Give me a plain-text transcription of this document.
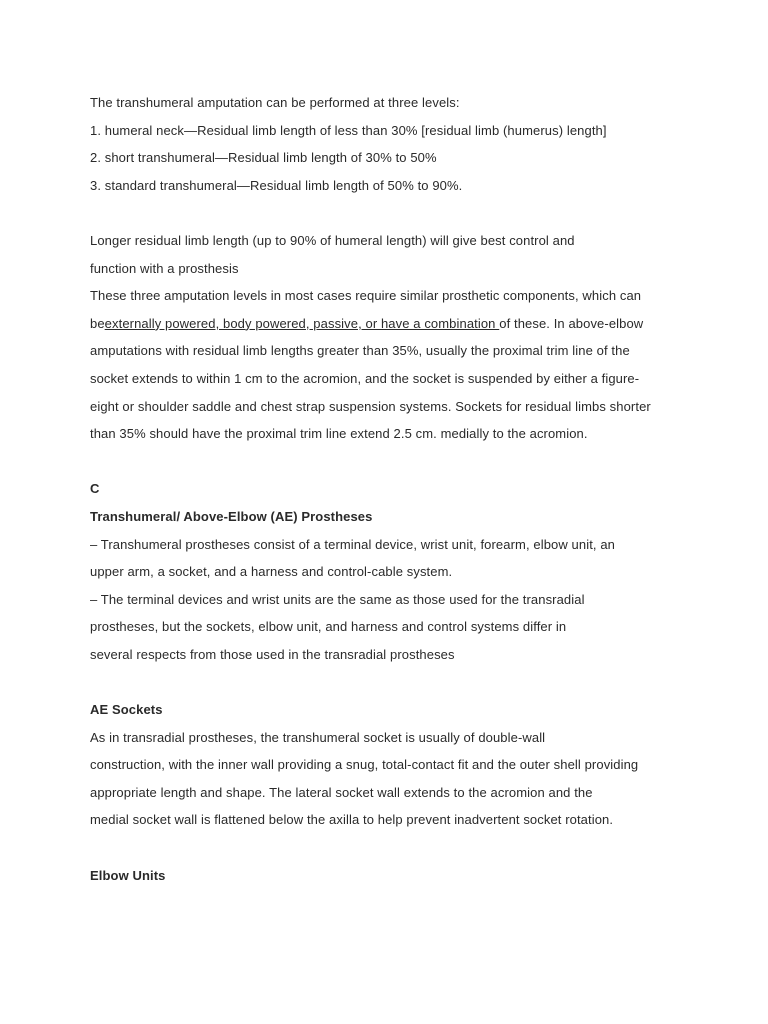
The transhumeral amputation can be performed at three levels:
1. humeral neck—Residual limb length of less than 30% [residual limb (humerus) length]
2. short transhumeral—Residual limb length of 30% to 50%
3. standard transhumeral—Residual limb length of 50% to 90%.
Longer residual limb length (up to 90% of humeral length) will give best control and
function with a prosthesis
These three amputation levels in most cases require similar prosthetic components, which can
beexternally powered, body powered, passive, or have a combination of these. In above-elbow
amputations with residual limb lengths greater than 35%, usually the proximal trim line of the
socket extends to within 1 cm to the acromion, and the socket is suspended by either a figure-
eight or shoulder saddle and chest strap suspension systems. Sockets for residual limbs shorter
than 35% should have the proximal trim line extend 2.5 cm. medially to the acromion.
C
Transhumeral/ Above-Elbow (AE) Prostheses
– Transhumeral prostheses consist of a terminal device, wrist unit, forearm, elbow unit, an
upper arm, a socket, and a harness and control-cable system.
– The terminal devices and wrist units are the same as those used for the transradial
prostheses, but the sockets, elbow unit, and harness and control systems differ in
several respects from those used in the transradial prostheses
AE Sockets
As in transradial prostheses, the transhumeral socket is usually of double-wall
construction, with the inner wall providing a snug, total-contact fit and the outer shell providing
appropriate length and shape. The lateral socket wall extends to the acromion and the
medial socket wall is flattened below the axilla to help prevent inadvertent socket rotation.
Elbow Units
